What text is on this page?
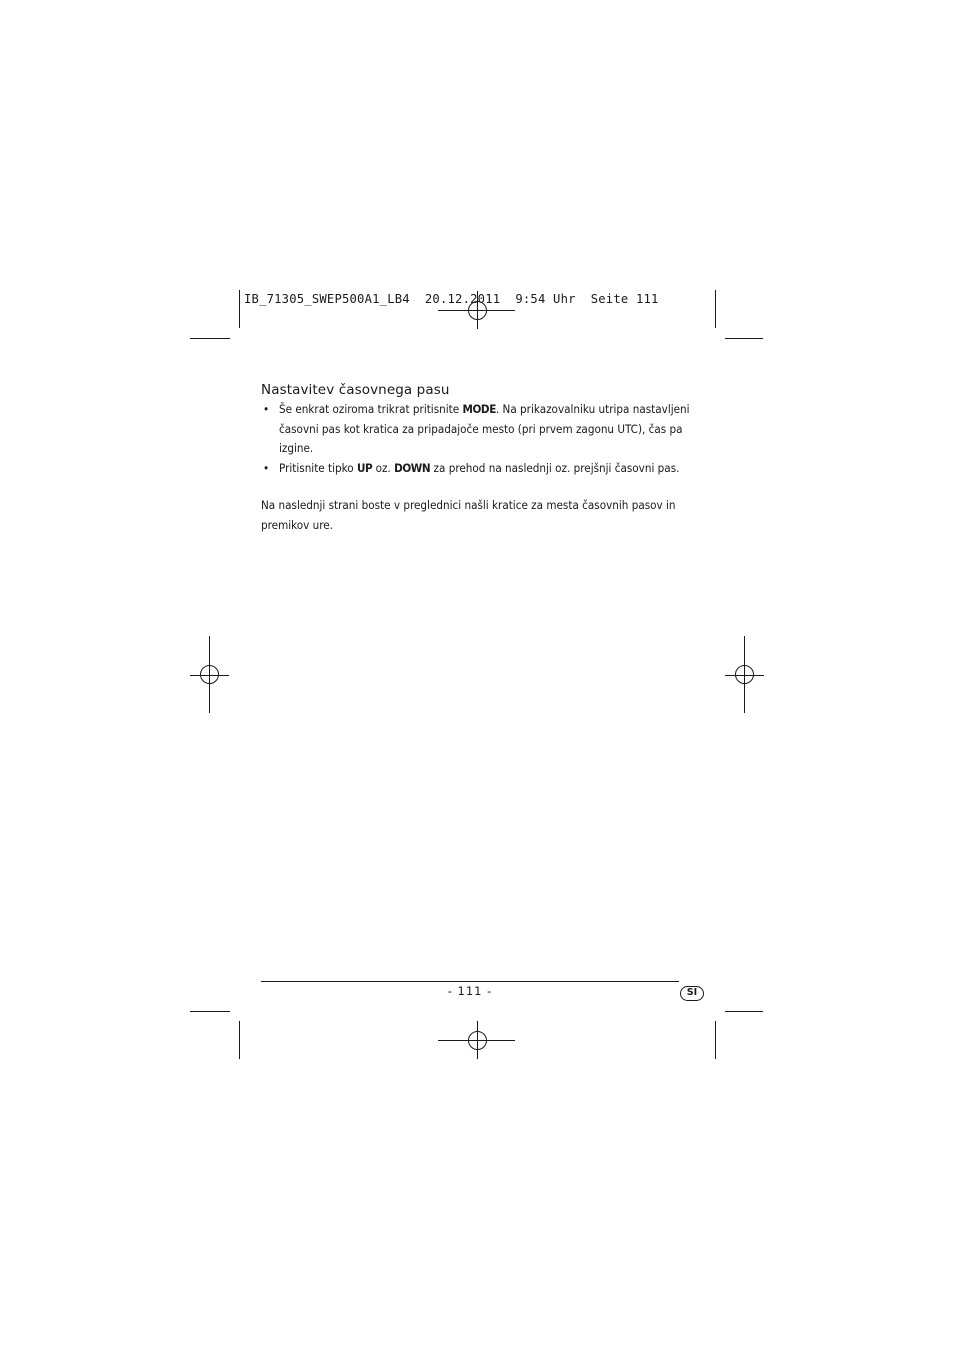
IB_71305_SWEP500A1_LB4  20.12.2011  9:54 Uhr  Seite 111
Nastavitev časovnega pasu
• Še enkrat oziroma trikrat pritisnite MODE. Na prikazovalniku utripa nastavljeni časovni pas kot kratica za pripadajoče mesto (pri prvem zagonu UTC), čas pa izgine.
• Pritisnite tipko UP oz. DOWN za prehod na naslednji oz. prejšnji časovni pas.

Na naslednji strani boste v preglednici našli kratice za mesta časovnih pasov in premikov ure.

- 111 -	SI
